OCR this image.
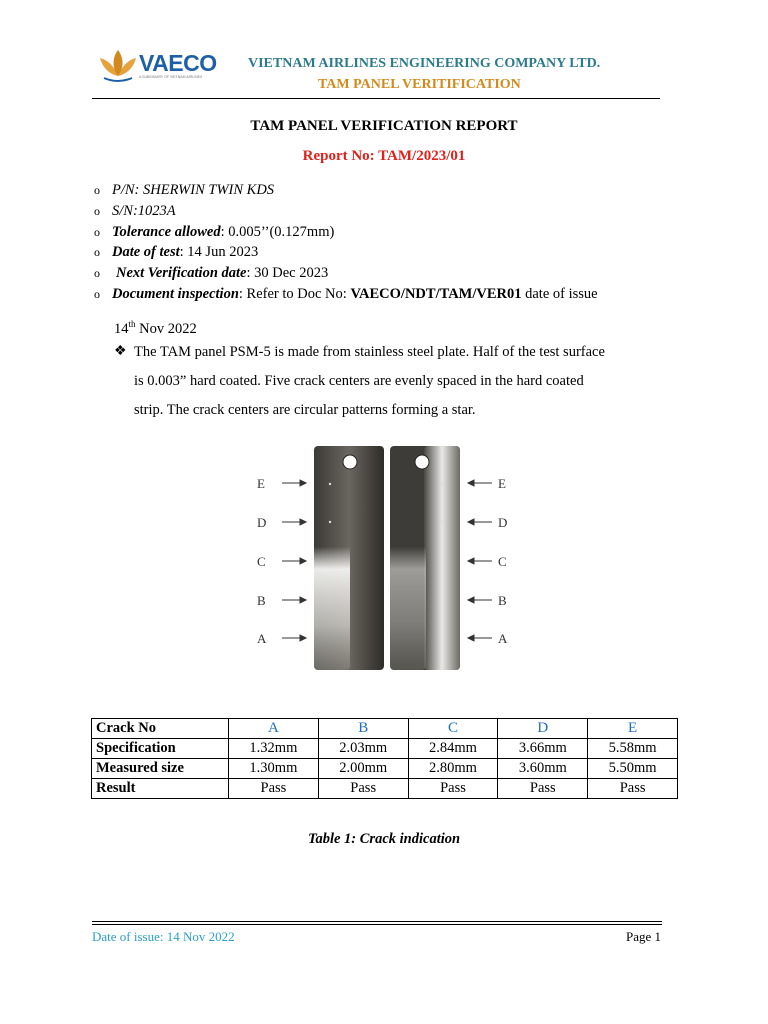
VAECO
A SUBSIDIARY OF VIETNAM AIRLINES
VIETNAM AIRLINES ENGINEERING COMPANY LTD.
TAM PANEL VERITIFICATION
TAM PANEL VERIFICATION REPORT
Report No: TAM/2023/01
o P/N: SHERWIN TWIN KDS
o S/N:1023A
o Tolerance allowed: 0.005’’(0.127mm)
o Date of test: 14 Jun 2023
o Next Verification date: 30 Dec 2023
o Document inspection: Refer to Doc No: VAECO/NDT/TAM/VER01 date of issue
14th Nov 2022
❖ The TAM panel PSM-5 is made from stainless steel plate. Half of the test surface
is 0.003” hard coated. Five crack centers are evenly spaced in the hard coated
strip. The crack centers are circular patterns forming a star.
E
D
C
B
A
E
D
C
B
A
Crack No	A	B	C	D	E
Specification	1.32mm	2.03mm	2.84mm	3.66mm	5.58mm
Measured size	1.30mm	2.00mm	2.80mm	3.60mm	5.50mm
Result	Pass	Pass	Pass	Pass	Pass
Table 1: Crack indication
Date of issue: 14 Nov 2022	Page 1
